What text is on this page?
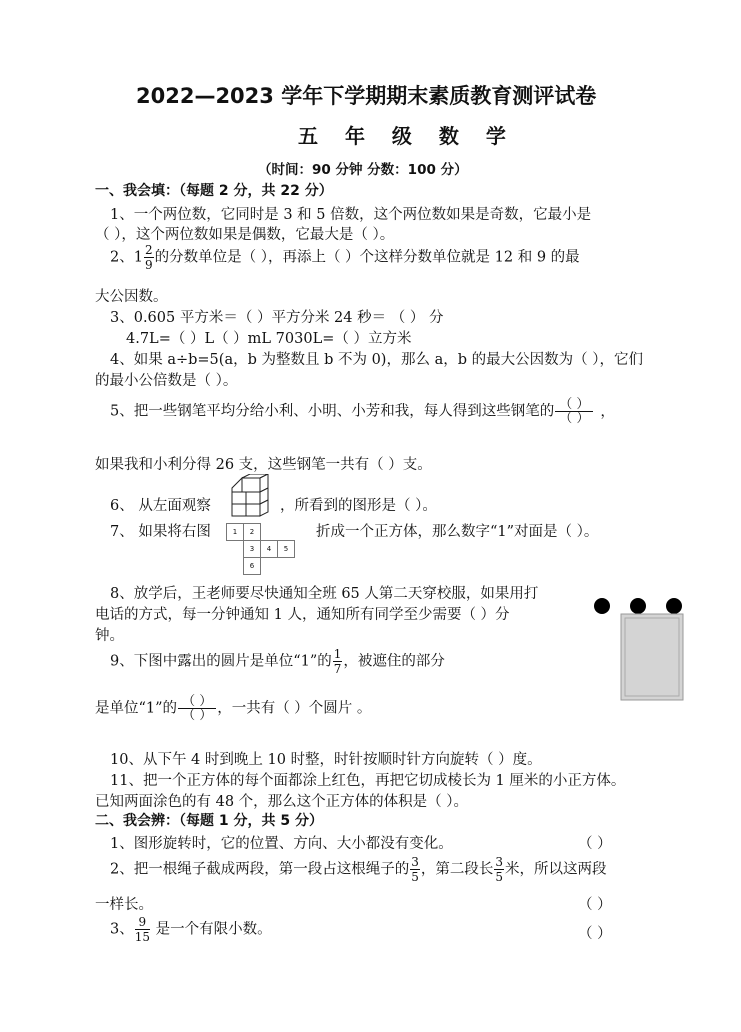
2022—2023 学年下学期期末素质教育测评试卷
五 年 级 数 学
（时间：90 分钟 分数：100 分）
一、我会填：（每题 2 分，共 22 分）
1、一个两位数，它同时是 3 和 5 倍数，这个两位数如果是奇数，它最小是
（ ），这个两位数如果是偶数，它最大是（ ）。
2、$1 \frac{2}{9}$ 的分数单位是（ ），再添上（ ）个这样分数单位就是 12 和 9 的最
大公因数。
3、0.605 平方米＝（ ）平方分米 24 秒＝ （ ） 分
4.7L=（ ）L（ ）mL 7030L=（ ）立方米
4、如果 a÷b=5(a，b 为整数且 b 不为 0)，那么 a，b 的最大公因数为（ ），它们
的最小公倍数是（ ）。
5、把一些钢笔平均分给小利、小明、小芳和我，每人得到这些钢笔的 $\frac{( )}{( )}$ ，
如果我和小利分得 26 支，这些钢笔一共有（ ）支。
6、 从左面观察	，所看到的图形是（ ）。
7、 如果将右图	1	2		
	3	4	5
	6		
折成一个正方体，那么数字“1”对面是（ ）。
8、放学后，王老师要尽快通知全班 65 人第二天穿校服，如果用打
电话的方式，每一分钟通知 1 人，通知所有同学至少需要（ ）分
钟。
9、下图中露出的圆片是单位“1”的 $\frac{1}{7}$ ，被遮住的部分
是单位“1”的 $\frac{( )}{( )}$ ，一共有（ ）个圆片 。
10、从下午 4 时到晚上 10 时整，时针按顺时针方向旋转（ ）度。
11、把一个正方体的每个面都涂上红色，再把它切成棱长为 1 厘米的小正方体。
已知两面涂色的有 48 个，那么这个正方体的体积是（ ）。
二、我会辨：（每题 1 分，共 5 分）
1、图形旋转时，它的位置、方向、大小都没有变化。	（ ）
2、把一根绳子截成两段，第一段占这根绳子的 $\frac{3}{5}$ ，第二段长 $\frac{3}{5}$ 米，所以这两段
一样长。	（ ）
3、 $\frac{9}{15}$ 是一个有限小数。	（ ）
